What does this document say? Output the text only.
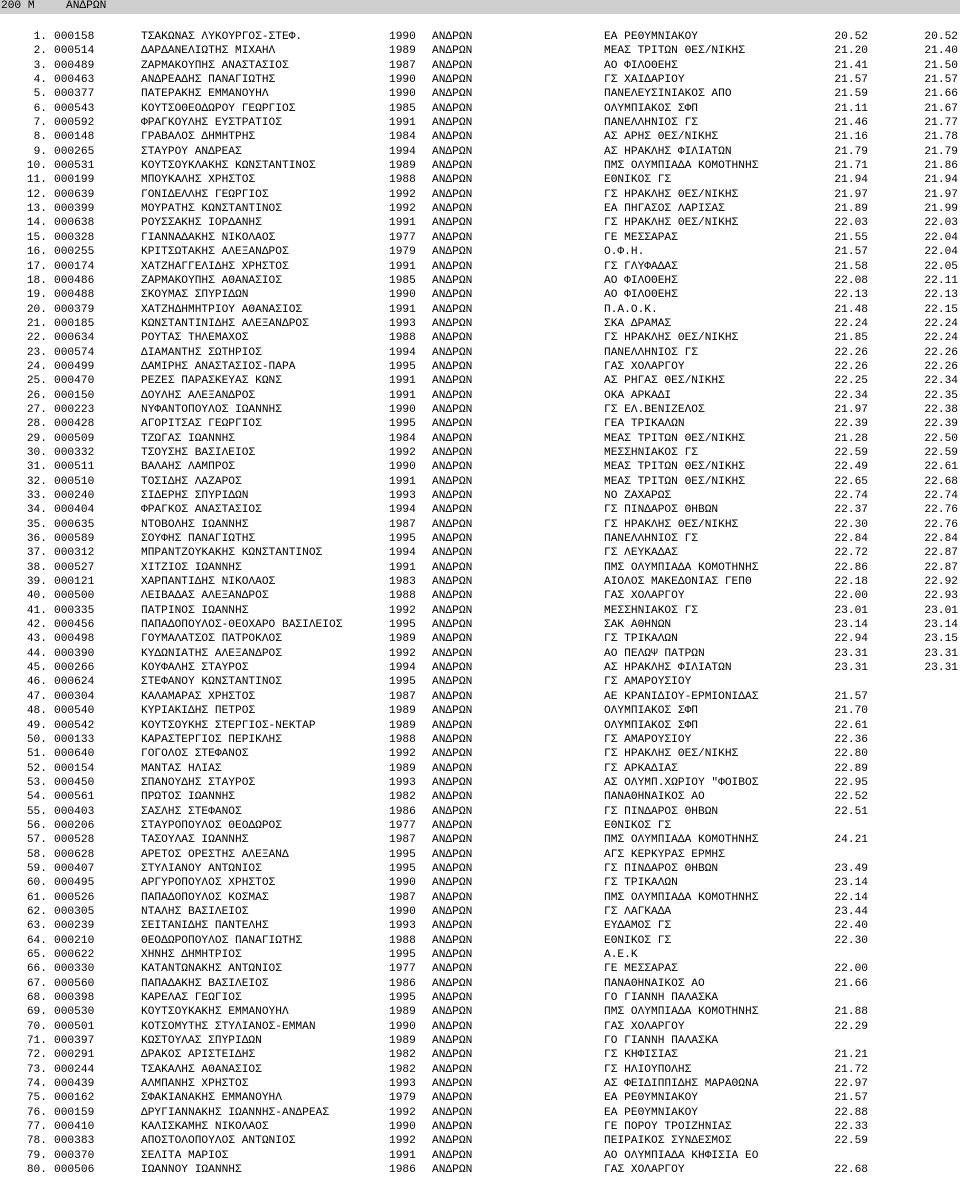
200 M

	ΑΝΔΡΩΝ

1. 000158	ΤΣΑΚΩΝΑΣ ΛΥΚΟΥΡΓΟΣ-ΣΤΕΦ.	1990 ΑΝΔΡΩΝ	ΕΑ ΡΕΘΥΜΝΙΑΚΟΥ	20.52	20.52
2. 000514	ΔΑΡΔΑΝΕΛΙΩΤΗΣ ΜΙΧΑΗΛ	1989 ΑΝΔΡΩΝ	ΜΕΑΣ ΤΡΙΤΩΝ ΘΕΣ/ΝΙΚΗΣ	21.20	21.40
3. 000489	ΖΑΡΜΑΚΟΥΠΗΣ ΑΝΑΣΤΑΣΙΟΣ	1987 ΑΝΔΡΩΝ	ΑΟ ΦΙΛΟΘΕΗΣ	21.41	21.50
4. 000463	ΑΝΔΡΕΑΔΗΣ ΠΑΝΑΓΙΩΤΗΣ	1990 ΑΝΔΡΩΝ	ΓΣ ΧΑΙΔΑΡΙΟΥ	21.57	21.57
5. 000377	ΠΑΤΕΡΑΚΗΣ ΕΜΜΑΝΟΥΗΛ	1990 ΑΝΔΡΩΝ	ΠΑΝΕΛΕΥΣΙΝΙΑΚΟΣ ΑΠΟ	21.59	21.66
6. 000543	ΚΟΥΤΣΟΘΕΟΔΩΡΟΥ ΓΕΩΡΓΙΟΣ	1985 ΑΝΔΡΩΝ	ΟΛΥΜΠΙΑΚΟΣ ΣΦΠ	21.11	21.67
7. 000592	ΦΡΑΓΚΟΥΛΗΣ ΕΥΣΤΡΑΤΙΟΣ	1991 ΑΝΔΡΩΝ	ΠΑΝΕΛΛΗΝΙΟΣ ΓΣ	21.46	21.77
8. 000148	ΓΡΑΒΑΛΟΣ ΔΗΜΗΤΡΗΣ	1984 ΑΝΔΡΩΝ	ΑΣ ΑΡΗΣ ΘΕΣ/ΝΙΚΗΣ	21.16	21.78
9. 000265	ΣΤΑΥΡΟΥ ΑΝΔΡΕΑΣ	1994 ΑΝΔΡΩΝ	ΑΣ ΗΡΑΚΛΗΣ ΦΙΛΙΑΤΩΝ	21.79	21.79
10. 000531	ΚΟΥΤΣΟΥΚΛΑΚΗΣ ΚΩΝΣΤΑΝΤΙΝΟΣ	1989 ΑΝΔΡΩΝ	ΠΜΣ ΟΛΥΜΠΙΑΔΑ ΚΟΜΟΤΗΝΗΣ	21.71	21.86
11. 000199	ΜΠΟΥΚΑΛΗΣ ΧΡΗΣΤΟΣ	1988 ΑΝΔΡΩΝ	ΕΘΝΙΚΟΣ ΓΣ	21.94	21.94
12. 000639	ΓΟΝΙΔΕΛΛΗΣ ΓΕΩΡΓΙΟΣ	1992 ΑΝΔΡΩΝ	ΓΣ ΗΡΑΚΛΗΣ ΘΕΣ/ΝΙΚΗΣ	21.97	21.97
13. 000399	ΜΟΥΡΑΤΗΣ ΚΩΝΣΤΑΝΤΙΝΟΣ	1992 ΑΝΔΡΩΝ	ΕΑ ΠΗΓΑΣΟΣ ΛΑΡΙΣΑΣ	21.89	21.99
14. 000638	ΡΟΥΣΣΑΚΗΣ ΙΟΡΔΑΝΗΣ	1991 ΑΝΔΡΩΝ	ΓΣ ΗΡΑΚΛΗΣ ΘΕΣ/ΝΙΚΗΣ	22.03	22.03
15. 000328	ΓΙΑΝΝΑΔΑΚΗΣ ΝΙΚΟΛΑΟΣ	1977 ΑΝΔΡΩΝ	ΓΕ ΜΕΣΣΑΡΑΣ	21.55	22.04
16. 000255	ΚΡΙΤΣΩΤΑΚΗΣ ΑΛΕΞΑΝΔΡΟΣ	1979 ΑΝΔΡΩΝ	Ο.Φ.Η.	21.57	22.04
17. 000174	ΧΑΤΖΗΑΓΓΕΛΙΔΗΣ ΧΡΗΣΤΟΣ	1991 ΑΝΔΡΩΝ	ΓΣ ΓΛΥΦΑΔΑΣ	21.58	22.05
18. 000486	ΖΑΡΜΑΚΟΥΠΗΣ ΑΘΑΝΑΣΙΟΣ	1985 ΑΝΔΡΩΝ	ΑΟ ΦΙΛΟΘΕΗΣ	22.08	22.11
19. 000488	ΣΚΟΥΜΑΣ ΣΠΥΡΙΔΩΝ	1990 ΑΝΔΡΩΝ	ΑΟ ΦΙΛΟΘΕΗΣ	22.13	22.13
20. 000379	ΧΑΤΖΗΔΗΜΗΤΡΙΟΥ ΑΘΑΝΑΣΙΟΣ	1991 ΑΝΔΡΩΝ	Π.Α.Ο.Κ.	21.48	22.15
21. 000185	ΚΩΝΣΤΑΝΤΙΝΙΔΗΣ ΑΛΕΞΑΝΔΡΟΣ	1993 ΑΝΔΡΩΝ	ΣΚΑ ΔΡΑΜΑΣ	22.24	22.24
22. 000634	ΡΟΥΤΑΣ ΤΗΛΕΜΑΧΟΣ	1988 ΑΝΔΡΩΝ	ΓΣ ΗΡΑΚΛΗΣ ΘΕΣ/ΝΙΚΗΣ	21.85	22.24
23. 000574	ΔΙΑΜΑΝΤΗΣ ΣΩΤΗΡΙΟΣ	1994 ΑΝΔΡΩΝ	ΠΑΝΕΛΛΗΝΙΟΣ ΓΣ	22.26	22.26
24. 000499	ΔΑΜΙΡΗΣ ΑΝΑΣΤΑΣΙΟΣ-ΠΑΡΑ	1995 ΑΝΔΡΩΝ	ΓΑΣ ΧΟΛΑΡΓΟΥ	22.26	22.26
25. 000470	ΡΕΖΕΣ ΠΑΡΑΣΚΕΥΑΣ ΚΩΝΣ	1991 ΑΝΔΡΩΝ	ΑΣ ΡΗΓΑΣ ΘΕΣ/ΝΙΚΗΣ	22.25	22.34
26. 000150	ΔΟΥΛΗΣ ΑΛΕΞΑΝΔΡΟΣ	1991 ΑΝΔΡΩΝ	ΟΚΑ ΑΡΚΑΔΙ	22.34	22.35
27. 000223	ΝΥΦΑΝΤΟΠΟΥΛΟΣ ΙΩΑΝΝΗΣ	1990 ΑΝΔΡΩΝ	ΓΣ ΕΛ.ΒΕΝΙΖΕΛΟΣ	21.97	22.38
28. 000428	ΑΓΟΡΙΤΣΑΣ ΓΕΩΡΓΙΟΣ	1995 ΑΝΔΡΩΝ	ΓΕΑ ΤΡΙΚΑΛΩΝ	22.39	22.39
29. 000509	ΤΖΩΓΑΣ ΙΩΑΝΝΗΣ	1984 ΑΝΔΡΩΝ	ΜΕΑΣ ΤΡΙΤΩΝ ΘΕΣ/ΝΙΚΗΣ	21.28	22.50
30. 000332	ΤΣΟΥΣΗΣ ΒΑΣΙΛΕΙΟΣ	1992 ΑΝΔΡΩΝ	ΜΕΣΣΗΝΙΑΚΟΣ ΓΣ	22.59	22.59
31. 000511	ΒΑΛΑΗΣ ΛΑΜΠΡΟΣ	1990 ΑΝΔΡΩΝ	ΜΕΑΣ ΤΡΙΤΩΝ ΘΕΣ/ΝΙΚΗΣ	22.49	22.61
32. 000510	ΤΟΣΙΔΗΣ ΛΑΖΑΡΟΣ	1991 ΑΝΔΡΩΝ	ΜΕΑΣ ΤΡΙΤΩΝ ΘΕΣ/ΝΙΚΗΣ	22.65	22.68
33. 000240	ΣΙΔΕΡΗΣ ΣΠΥΡΙΔΩΝ	1993 ΑΝΔΡΩΝ	ΝΟ ΖΑΧΑΡΩΣ	22.74	22.74
34. 000404	ΦΡΑΓΚΟΣ ΑΝΑΣΤΑΣΙΟΣ	1994 ΑΝΔΡΩΝ	ΓΣ ΠΙΝΔΑΡΟΣ ΘΗΒΩΝ	22.37	22.76
35. 000635	ΝΤΟΒΟΛΗΣ ΙΩΑΝΝΗΣ	1987 ΑΝΔΡΩΝ	ΓΣ ΗΡΑΚΛΗΣ ΘΕΣ/ΝΙΚΗΣ	22.30	22.76
36. 000589	ΣΟΥΦΗΣ ΠΑΝΑΓΙΩΤΗΣ	1995 ΑΝΔΡΩΝ	ΠΑΝΕΛΛΗΝΙΟΣ ΓΣ	22.84	22.84
37. 000312	ΜΠΡΑΝΤΖΟΥΚΑΚΗΣ ΚΩΝΣΤΑΝΤΙΝΟΣ	1994 ΑΝΔΡΩΝ	ΓΣ ΛΕΥΚΑΔΑΣ	22.72	22.87
38. 000527	ΧΙΤΖΙΟΣ ΙΩΑΝΝΗΣ	1991 ΑΝΔΡΩΝ	ΠΜΣ ΟΛΥΜΠΙΑΔΑ ΚΟΜΟΤΗΝΗΣ	22.86	22.87
39. 000121	ΧΑΡΠΑΝΤΙΔΗΣ ΝΙΚΟΛΑΟΣ	1983 ΑΝΔΡΩΝ	ΑΙΟΛΟΣ ΜΑΚΕΔΟΝΙΑΣ ΓΕΠΘ	22.18	22.92
40. 000500	ΛΕΙΒΑΔΑΣ ΑΛΕΞΑΝΔΡΟΣ	1988 ΑΝΔΡΩΝ	ΓΑΣ ΧΟΛΑΡΓΟΥ	22.00	22.93
41. 000335	ΠΑΤΡΙΝΟΣ ΙΩΑΝΝΗΣ	1992 ΑΝΔΡΩΝ	ΜΕΣΣΗΝΙΑΚΟΣ ΓΣ	23.01	23.01
42. 000456	ΠΑΠΑΔΟΠΟΥΛΟΣ-ΘΕΟΧΑΡΟ ΒΑΣΙΛΕΙΟΣ	1995 ΑΝΔΡΩΝ	ΣΑΚ ΑΘΗΝΩΝ	23.14	23.14
43. 000498	ΓΟΥΜΑΛΑΤΣΟΣ ΠΑΤΡΟΚΛΟΣ	1989 ΑΝΔΡΩΝ	ΓΣ ΤΡΙΚΑΛΩΝ	22.94	23.15
44. 000390	ΚΥΔΩΝΙΑΤΗΣ ΑΛΕΞΑΝΔΡΟΣ	1992 ΑΝΔΡΩΝ	ΑΟ ΠΕΛΩΨ ΠΑΤΡΩΝ	23.31	23.31
45. 000266	ΚΟΥΦΑΛΗΣ ΣΤΑΥΡΟΣ	1994 ΑΝΔΡΩΝ	ΑΣ ΗΡΑΚΛΗΣ ΦΙΛΙΑΤΩΝ	23.31	23.31
46. 000624	ΣΤΕΦΑΝΟΥ ΚΩΝΣΤΑΝΤΙΝΟΣ	1995 ΑΝΔΡΩΝ	ΓΣ ΑΜΑΡΟΥΣΙΟΥ
47. 000304	ΚΑΛΑΜΑΡΑΣ ΧΡΗΣΤΟΣ	1987 ΑΝΔΡΩΝ	ΑΕ ΚΡΑΝΙΔΙΟΥ-ΕΡΜΙΟΝΙΔΑΣ	21.57
48. 000540	ΚΥΡΙΑΚΙΔΗΣ ΠΕΤΡΟΣ	1989 ΑΝΔΡΩΝ	ΟΛΥΜΠΙΑΚΟΣ ΣΦΠ	21.70
49. 000542	ΚΟΥΤΣΟΥΚΗΣ ΣΤΕΡΓΙΟΣ-ΝΕΚΤΑΡ	1989 ΑΝΔΡΩΝ	ΟΛΥΜΠΙΑΚΟΣ ΣΦΠ	22.61
50. 000133	ΚΑΡΑΣΤΕΡΓΙΟΣ ΠΕΡΙΚΛΗΣ	1988 ΑΝΔΡΩΝ	ΓΣ ΑΜΑΡΟΥΣΙΟΥ	22.36
51. 000640	ΓΟΓΟΛΟΣ ΣΤΕΦΑΝΟΣ	1992 ΑΝΔΡΩΝ	ΓΣ ΗΡΑΚΛΗΣ ΘΕΣ/ΝΙΚΗΣ	22.80
52. 000154	ΜΑΝΤΑΣ ΗΛΙΑΣ	1989 ΑΝΔΡΩΝ	ΓΣ ΑΡΚΑΔΙΑΣ	22.89
53. 000450	ΣΠΑΝΟΥΔΗΣ ΣΤΑΥΡΟΣ	1993 ΑΝΔΡΩΝ	ΑΣ ΟΛΥΜΠ.ΧΩΡΙΟΥ "ΦΟΙΒΟΣ	22.95
54. 000561	ΠΡΩΤΟΣ ΙΩΑΝΝΗΣ	1982 ΑΝΔΡΩΝ	ΠΑΝΑΘΗΝΑΙΚΟΣ ΑΟ	22.52
55. 000403	ΣΑΣΛΗΣ ΣΤΕΦΑΝΟΣ	1986 ΑΝΔΡΩΝ	ΓΣ ΠΙΝΔΑΡΟΣ ΘΗΒΩΝ	22.51
56. 000206	ΣΤΑΥΡΟΠΟΥΛΟΣ ΘΕΟΔΩΡΟΣ	1977 ΑΝΔΡΩΝ	ΕΘΝΙΚΟΣ ΓΣ
57. 000528	ΤΑΣΟΥΛΑΣ ΙΩΑΝΝΗΣ	1987 ΑΝΔΡΩΝ	ΠΜΣ ΟΛΥΜΠΙΑΔΑ ΚΟΜΟΤΗΝΗΣ	24.21
58. 000628	ΑΡΕΤΟΣ ΟΡΕΣΤΗΣ ΑΛΕΞΑΝΔ	1995 ΑΝΔΡΩΝ	ΑΓΣ ΚΕΡΚΥΡΑΣ ΕΡΜΗΣ
59. 000407	ΣΤΥΛΙΑΝΟΥ ΑΝΤΩΝΙΟΣ	1995 ΑΝΔΡΩΝ	ΓΣ ΠΙΝΔΑΡΟΣ ΘΗΒΩΝ	23.49
60. 000495	ΑΡΓΥΡΟΠΟΥΛΟΣ ΧΡΗΣΤΟΣ	1990 ΑΝΔΡΩΝ	ΓΣ ΤΡΙΚΑΛΩΝ	23.14
61. 000526	ΠΑΠΑΔΟΠΟΥΛΟΣ ΚΟΣΜΑΣ	1987 ΑΝΔΡΩΝ	ΠΜΣ ΟΛΥΜΠΙΑΔΑ ΚΟΜΟΤΗΝΗΣ	22.14
62. 000305	ΝΤΑΛΗΣ ΒΑΣΙΛΕΙΟΣ	1990 ΑΝΔΡΩΝ	ΓΣ ΛΑΓΚΑΔΑ	23.44
63. 000239	ΣΕΙΤΑΝΙΔΗΣ ΠΑΝΤΕΛΗΣ	1993 ΑΝΔΡΩΝ	ΕΥΔΑΜΟΣ ΓΣ	22.40
64. 000210	ΘΕΟΔΩΡΟΠΟΥΛΟΣ ΠΑΝΑΓΙΩΤΗΣ	1988 ΑΝΔΡΩΝ	ΕΘΝΙΚΟΣ ΓΣ	22.30
65. 000622	ΧΗΝΗΣ ΔΗΜΗΤΡΙΟΣ	1995 ΑΝΔΡΩΝ	Α.Ε.Κ
66. 000330	ΚΑΤΑΝΤΩΝΑΚΗΣ ΑΝΤΩΝΙΟΣ	1977 ΑΝΔΡΩΝ	ΓΕ ΜΕΣΣΑΡΑΣ	22.00
67. 000560	ΠΑΠΑΔΑΚΗΣ ΒΑΣΙΛΕΙΟΣ	1986 ΑΝΔΡΩΝ	ΠΑΝΑΘΗΝΑΙΚΟΣ ΑΟ	21.66
68. 000398	ΚΑΡΕΛΑΣ ΓΕΩΓΙΟΣ	1995 ΑΝΔΡΩΝ	ΓΟ ΓΙΑΝΝΗ ΠΑΛΑΣΚΑ
69. 000530	ΚΟΥΤΣΟΥΚΑΚΗΣ ΕΜΜΑΝΟΥΗΛ	1989 ΑΝΔΡΩΝ	ΠΜΣ ΟΛΥΜΠΙΑΔΑ ΚΟΜΟΤΗΝΗΣ	21.88
70. 000501	ΚΟΤΣΟΜΥΤΗΣ ΣΤΥΛΙΑΝΟΣ-ΕΜΜΑΝ	1990 ΑΝΔΡΩΝ	ΓΑΣ ΧΟΛΑΡΓΟΥ	22.29
71. 000397	ΚΩΣΤΟΥΛΑΣ ΣΠΥΡΙΔΩΝ	1989 ΑΝΔΡΩΝ	ΓΟ ΓΙΑΝΝΗ ΠΑΛΑΣΚΑ
72. 000291	ΔΡΑΚΟΣ ΑΡΙΣΤΕΙΔΗΣ	1982 ΑΝΔΡΩΝ	ΓΣ ΚΗΦΙΣΙΑΣ	21.21
73. 000244	ΤΣΑΚΑΛΗΣ ΑΘΑΝΑΣΙΟΣ	1982 ΑΝΔΡΩΝ	ΓΣ ΗΛΙΟΥΠΟΛΗΣ	21.72
74. 000439	ΑΛΜΠΑΝΗΣ ΧΡΗΣΤΟΣ	1993 ΑΝΔΡΩΝ	ΑΣ ΦΕΙΔΙΠΠΙΔΗΣ ΜΑΡΑΘΩΝΑ	22.97
75. 000162	ΣΦΑΚΙΑΝΑΚΗΣ ΕΜΜΑΝΟΥΗΛ	1979 ΑΝΔΡΩΝ	ΕΑ ΡΕΘΥΜΝΙΑΚΟΥ	21.57
76. 000159	ΔΡΥΓΙΑΝΝΑΚΗΣ ΙΩΑΝΝΗΣ-ΑΝΔΡΕΑΣ	1992 ΑΝΔΡΩΝ	ΕΑ ΡΕΘΥΜΝΙΑΚΟΥ	22.88
77. 000410	ΚΑΛΙΣΚΑΜΗΣ ΝΙΚΟΛΑΟΣ	1990 ΑΝΔΡΩΝ	ΓΕ ΠΟΡΟΥ ΤΡΟΙΖΗΝΙΑΣ	22.33
78. 000383	ΑΠΟΣΤΟΛΟΠΟΥΛΟΣ ΑΝΤΩΝΙΟΣ	1992 ΑΝΔΡΩΝ	ΠΕΙΡΑΙΚΟΣ ΣΥΝΔΕΣΜΟΣ	22.59
79. 000370	ΣΕΛΙΤΑ ΜΑΡΙΟΣ	1991 ΑΝΔΡΩΝ	ΑΟ ΟΛΥΜΠΙΑΔΑ ΚΗΦΙΣΙΑ ΕΟ
80. 000506	ΙΩΑΝΝΟΥ ΙΩΑΝΝΗΣ	1986 ΑΝΔΡΩΝ	ΓΑΣ ΧΟΛΑΡΓΟΥ	22.68
